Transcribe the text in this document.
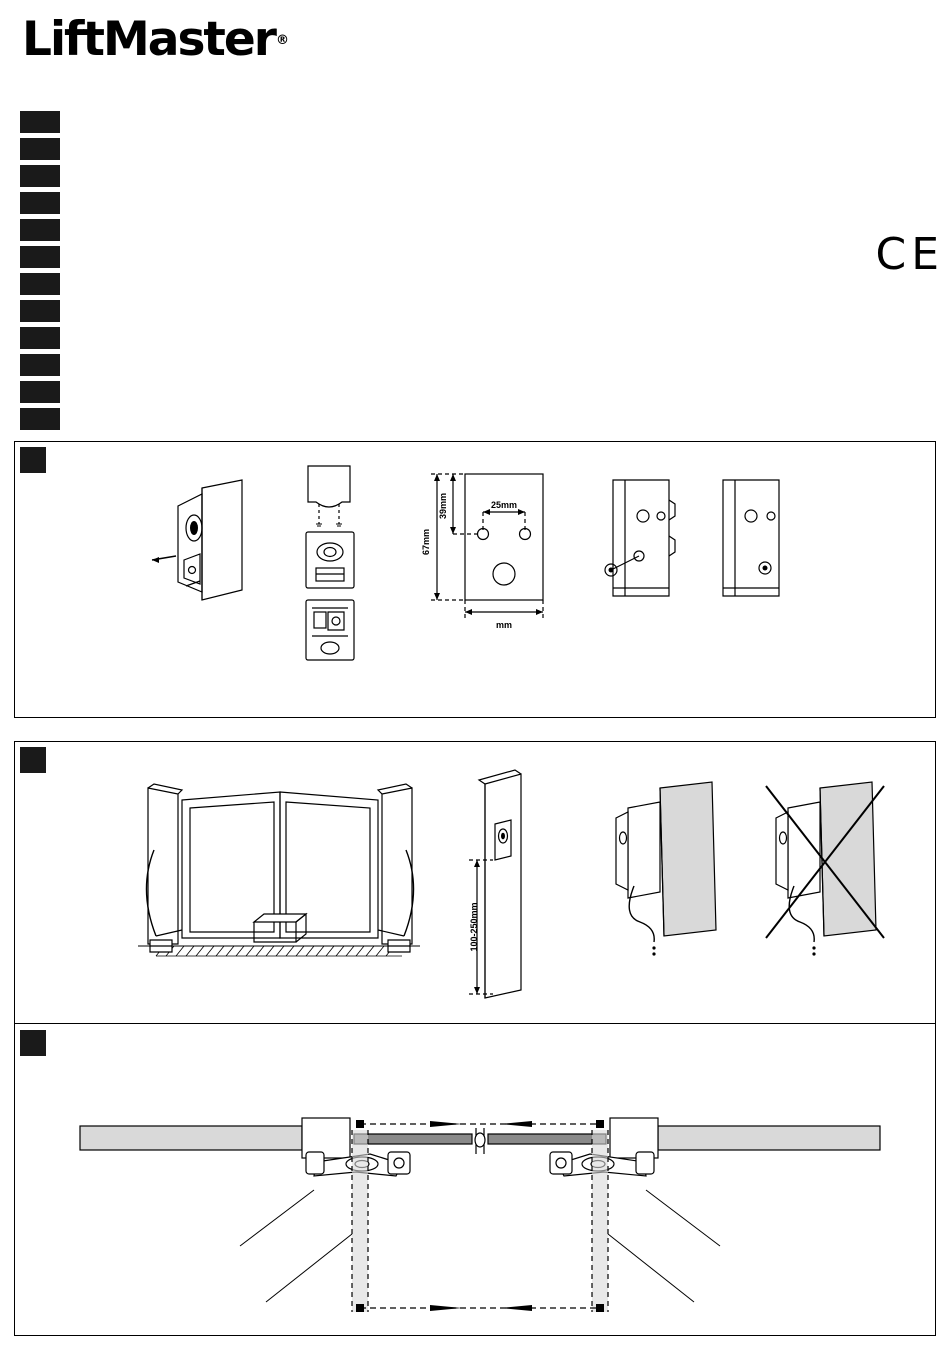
LiftMaster®
CE
67mm
39mm	25mm
mm
100-250mm
